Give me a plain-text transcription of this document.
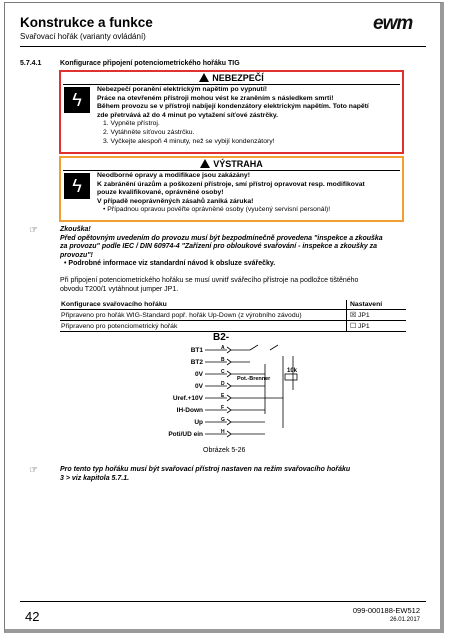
Konstrukce a funkce
Svařovací hořák (varianty ovládání)
ewm
5.7.4.1	Konfigurace připojení potenciometrického hořáku TIG
NEBEZPEČÍ
ϟ
Nebezpečí poranění elektrickým napětím po vypnutí!
Práce na otevřeném přístroji mohou vést ke zraněním s následkem smrti!
Během provozu se v přístroji nabíjejí kondenzátory elektrickým napětím. Toto napětí
zde přetrvává až do 4 minut po vytažení síťové zástrčky.
1. Vypněte přístroj.
2. Vytáhněte síťovou zástrčku.
3. Vyčkejte alespoň 4 minuty, než se vybijí kondenzátory!
VÝSTRAHA
ϟ
Neodborné opravy a modifikace jsou zakázány!
K zabránění úrazům a poškození přístroje, smí přístroj opravovat resp. modifikovat
pouze kvalifikované, oprávněné osoby!
V případě neoprávněných zásahů zaniká záruka!
• Případnou opravou pověřte oprávněné osoby (vyučený servisní personál)!
☞	Zkouška!
Před opětovným uvedením do provozu musí být bezpodmínečně provedena "inspekce a zkouška
za provozu" podle IEC / DIN 60974-4 "Zařízení pro obloukové svařování - inspekce a zkoušky za
provozu"!
• Podrobné informace viz standardní návod k obsluze svářečky.
Při připojení potenciometrického hořáku se musí uvnitř svářecího přístroje na podložce tištěného
obvodu T200/1 vytáhnout jumper JP1.
Konfigurace svařovacího hořáku	Nastavení
Připraveno pro hořák WIG-Standard popř. hořák Up-Down (z výrobního závodu)	☒ JP1
Připraveno pro potenciometrický hořák	☐ JP1
B2-
BT1	A
BT2	B
0V	C
0V	D
Uref.+10V	E
IH-Down	F
Up	G
Poti/UD ein	H
10k
Pot.-Brenner
Obrázek 5-26
☞	Pro tento typ hořáku musí být svařovací přístroj nastaven na režim svařovacího hořáku
3 > viz kapitola 5.7.1.
42	099-000188-EW512
26.01.2017
